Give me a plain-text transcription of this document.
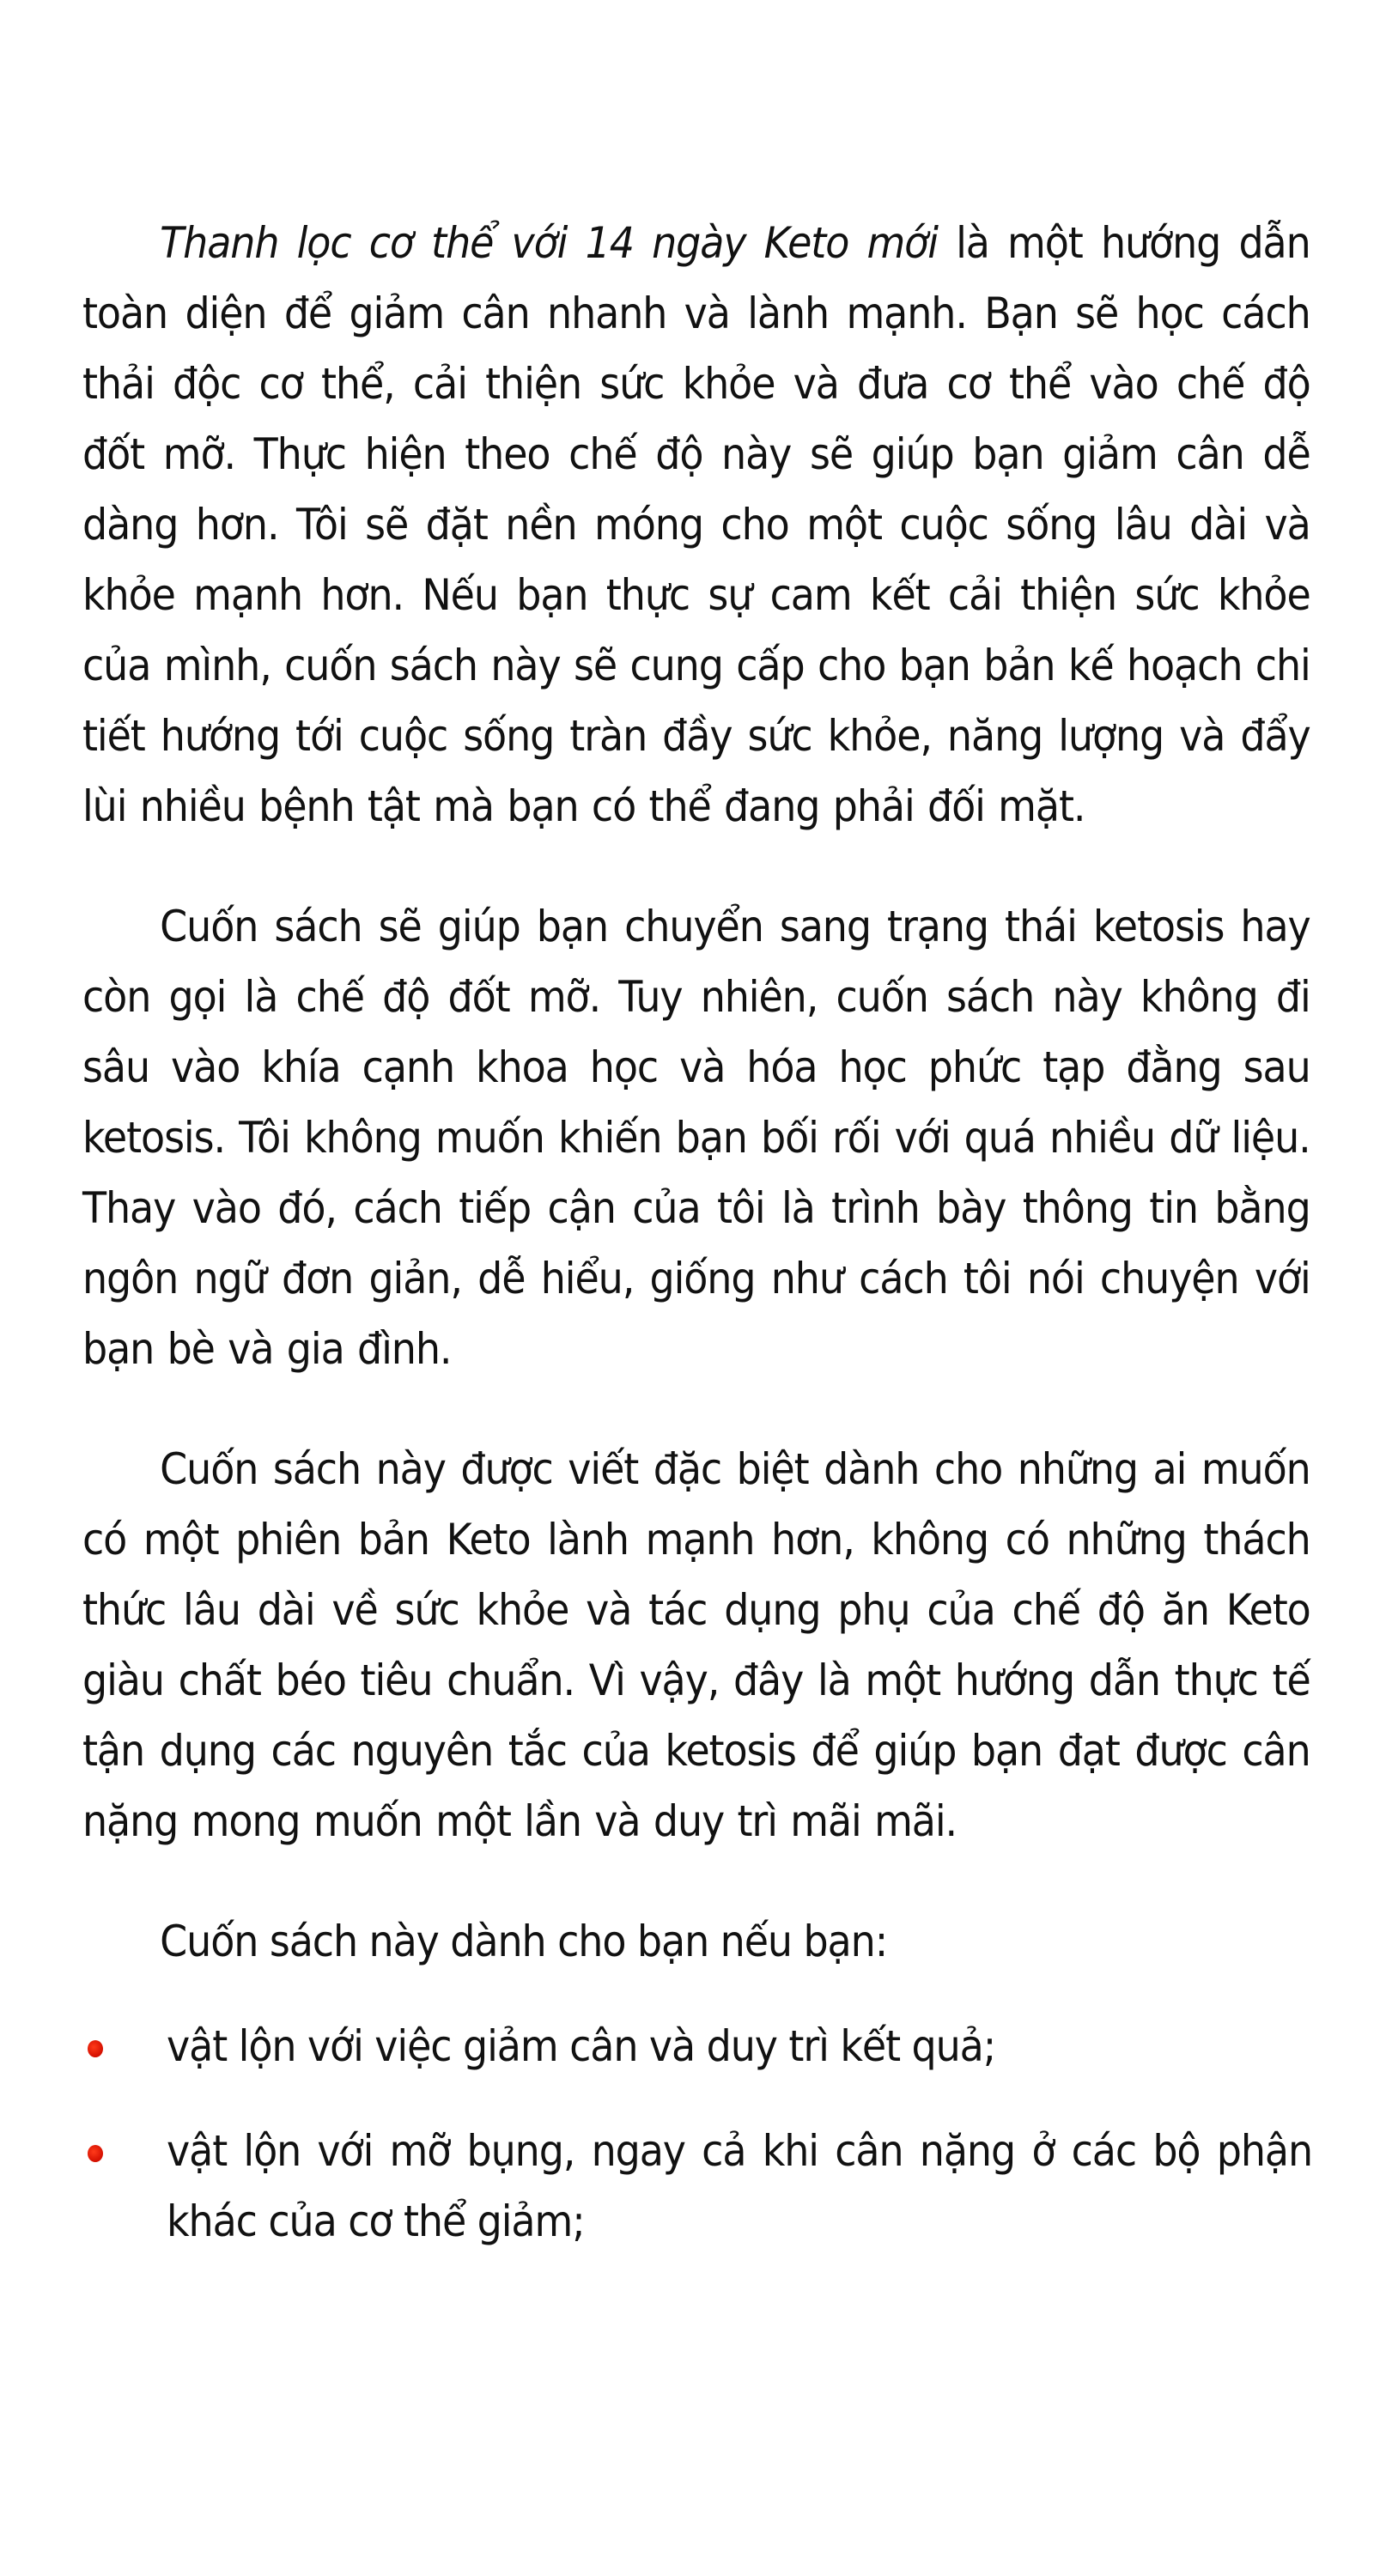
Thanh lọc cơ thể với 14 ngày Keto mới là một hướng dẫn toàn diện để giảm cân nhanh và lành mạnh. Bạn sẽ học cách thải độc cơ thể, cải thiện sức khỏe và đưa cơ thể vào chế độ đốt mỡ. Thực hiện theo chế độ này sẽ giúp bạn giảm cân dễ dàng hơn. Tôi sẽ đặt nền móng cho một cuộc sống lâu dài và khỏe mạnh hơn. Nếu bạn thực sự cam kết cải thiện sức khỏe của mình, cuốn sách này sẽ cung cấp cho bạn bản kế hoạch chi tiết hướng tới cuộc sống tràn đầy sức khỏe, năng lượng và đẩy lùi nhiều bệnh tật mà bạn có thể đang phải đối mặt.

Cuốn sách sẽ giúp bạn chuyển sang trạng thái ketosis hay còn gọi là chế độ đốt mỡ. Tuy nhiên, cuốn sách này không đi sâu vào khía cạnh khoa học và hóa học phức tạp đằng sau ketosis. Tôi không muốn khiến bạn bối rối với quá nhiều dữ liệu. Thay vào đó, cách tiếp cận của tôi là trình bày thông tin bằng ngôn ngữ đơn giản, dễ hiểu, giống như cách tôi nói chuyện với bạn bè và gia đình.

Cuốn sách này được viết đặc biệt dành cho những ai muốn có một phiên bản Keto lành mạnh hơn, không có những thách thức lâu dài về sức khỏe và tác dụng phụ của chế độ ăn Keto giàu chất béo tiêu chuẩn. Vì vậy, đây là một hướng dẫn thực tế tận dụng các nguyên tắc của ketosis để giúp bạn đạt được cân nặng mong muốn một lần và duy trì mãi mãi.

Cuốn sách này dành cho bạn nếu bạn:

vật lộn với việc giảm cân và duy trì kết quả;
vật lộn với mỡ bụng, ngay cả khi cân nặng ở các bộ phận khác của cơ thể giảm;
